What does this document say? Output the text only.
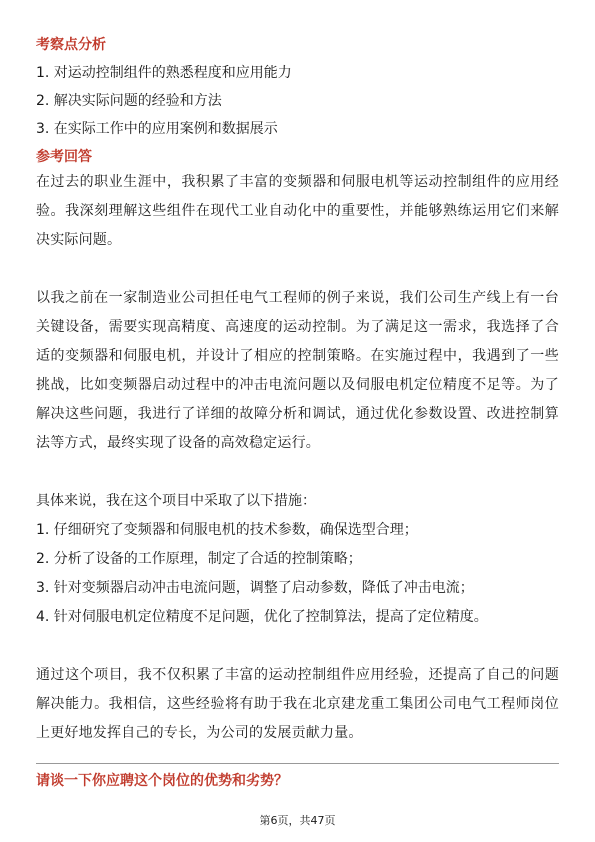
考察点分析

1. 对运动控制组件的熟悉程度和应用能力

2. 解决实际问题的经验和方法

3. 在实际工作中的应用案例和数据展示

参考回答

在过去的职业生涯中，我积累了丰富的变频器和伺服电机等运动控制组件的应用经验。我深刻理解这些组件在现代工业自动化中的重要性，并能够熟练运用它们来解决实际问题。

以我之前在一家制造业公司担任电气工程师的例子来说，我们公司生产线上有一台关键设备，需要实现高精度、高速度的运动控制。为了满足这一需求，我选择了合适的变频器和伺服电机，并设计了相应的控制策略。在实施过程中，我遇到了一些挑战，比如变频器启动过程中的冲击电流问题以及伺服电机定位精度不足等。为了解决这些问题，我进行了详细的故障分析和调试，通过优化参数设置、改进控制算法等方式，最终实现了设备的高效稳定运行。

具体来说，我在这个项目中采取了以下措施：

1. 仔细研究了变频器和伺服电机的技术参数，确保选型合理；

2. 分析了设备的工作原理，制定了合适的控制策略；

3. 针对变频器启动冲击电流问题，调整了启动参数，降低了冲击电流；

4. 针对伺服电机定位精度不足问题，优化了控制算法，提高了定位精度。

通过这个项目，我不仅积累了丰富的运动控制组件应用经验，还提高了自己的问题解决能力。我相信，这些经验将有助于我在北京建龙重工集团公司电气工程师岗位上更好地发挥自己的专长，为公司的发展贡献力量。

请谈一下你应聘这个岗位的优势和劣势？
第6页，共47页
